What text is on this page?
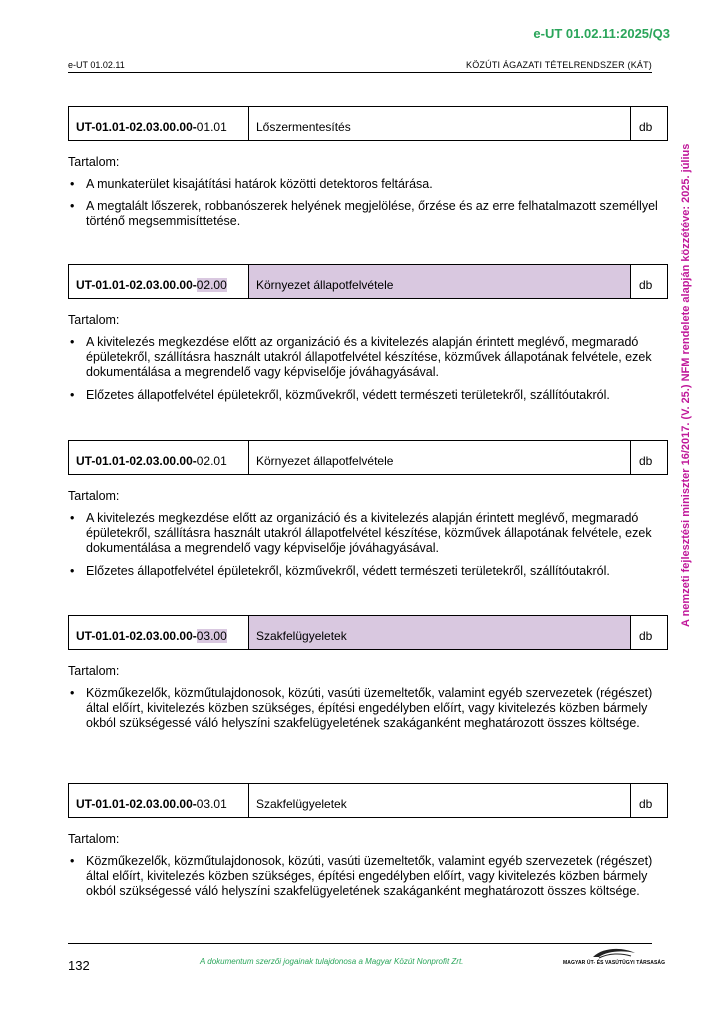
e-UT 01.02.11:2025/Q3
e-UT 01.02.11	KÖZÚTI ÁGAZATI TÉTELRENDSZER (KÁT)
A nemzeti fejlesztési miniszter 16/2017. (V. 25.) NFM rendelete alapján közzétéve: 2025. július
UT-01.01-02.03.00.00- 01.01	Lőszermentesítés	db
Tartalom:
• A munkaterület kisajátítási határok közötti detektoros feltárása.
• A megtalált lőszerek, robbanószerek helyének megjelölése, őrzése és az erre felhatalmazott személlyel történő megsemmisíttetése.
UT-01.01-02.03.00.00- 02.00	Környezet állapotfelvétele	db
Tartalom:
• A kivitelezés megkezdése előtt az organizáció és a kivitelezés alapján érintett meglévő, megmaradó épületekről, szállításra használt utakról állapotfelvétel készítése, közművek állapotának felvétele, ezek dokumentálása a megrendelő vagy képviselője jóváhagyásával.
• Előzetes állapotfelvétel épületekről, közművekről, védett természeti területekről, szállítóutakról.
UT-01.01-02.03.00.00- 02.01	Környezet állapotfelvétele	db
Tartalom:
• A kivitelezés megkezdése előtt az organizáció és a kivitelezés alapján érintett meglévő, megmaradó épületekről, szállításra használt utakról állapotfelvétel készítése, közművek állapotának felvétele, ezek dokumentálása a megrendelő vagy képviselője jóváhagyásával.
• Előzetes állapotfelvétel épületekről, közművekről, védett természeti területekről, szállítóutakról.
UT-01.01-02.03.00.00- 03.00	Szakfelügyeletek	db
Tartalom:
• Közműkezelők, közműtulajdonosok, közúti, vasúti üzemeltetők, valamint egyéb szervezetek (régészet) által előírt, kivitelezés közben szükséges, építési engedélyben előírt, vagy kivitelezés közben bármely okból szükségessé váló helyszíni szakfelügyeletének szakáganként meghatározott összes költsége.
UT-01.01-02.03.00.00- 03.01	Szakfelügyeletek	db
Tartalom:
• Közműkezelők, közműtulajdonosok, közúti, vasúti üzemeltetők, valamint egyéb szervezetek (régészet) által előírt, kivitelezés közben szükséges, építési engedélyben előírt, vagy kivitelezés közben bármely okból szükségessé váló helyszíni szakfelügyeletének szakáganként meghatározott összes költsége.
132	A dokumentum szerzői jogainak tulajdonosa a Magyar Közút Nonprofit Zrt.	MAGYAR ÚT- ÉS VASÚTÜGYI TÁRSASÁG
